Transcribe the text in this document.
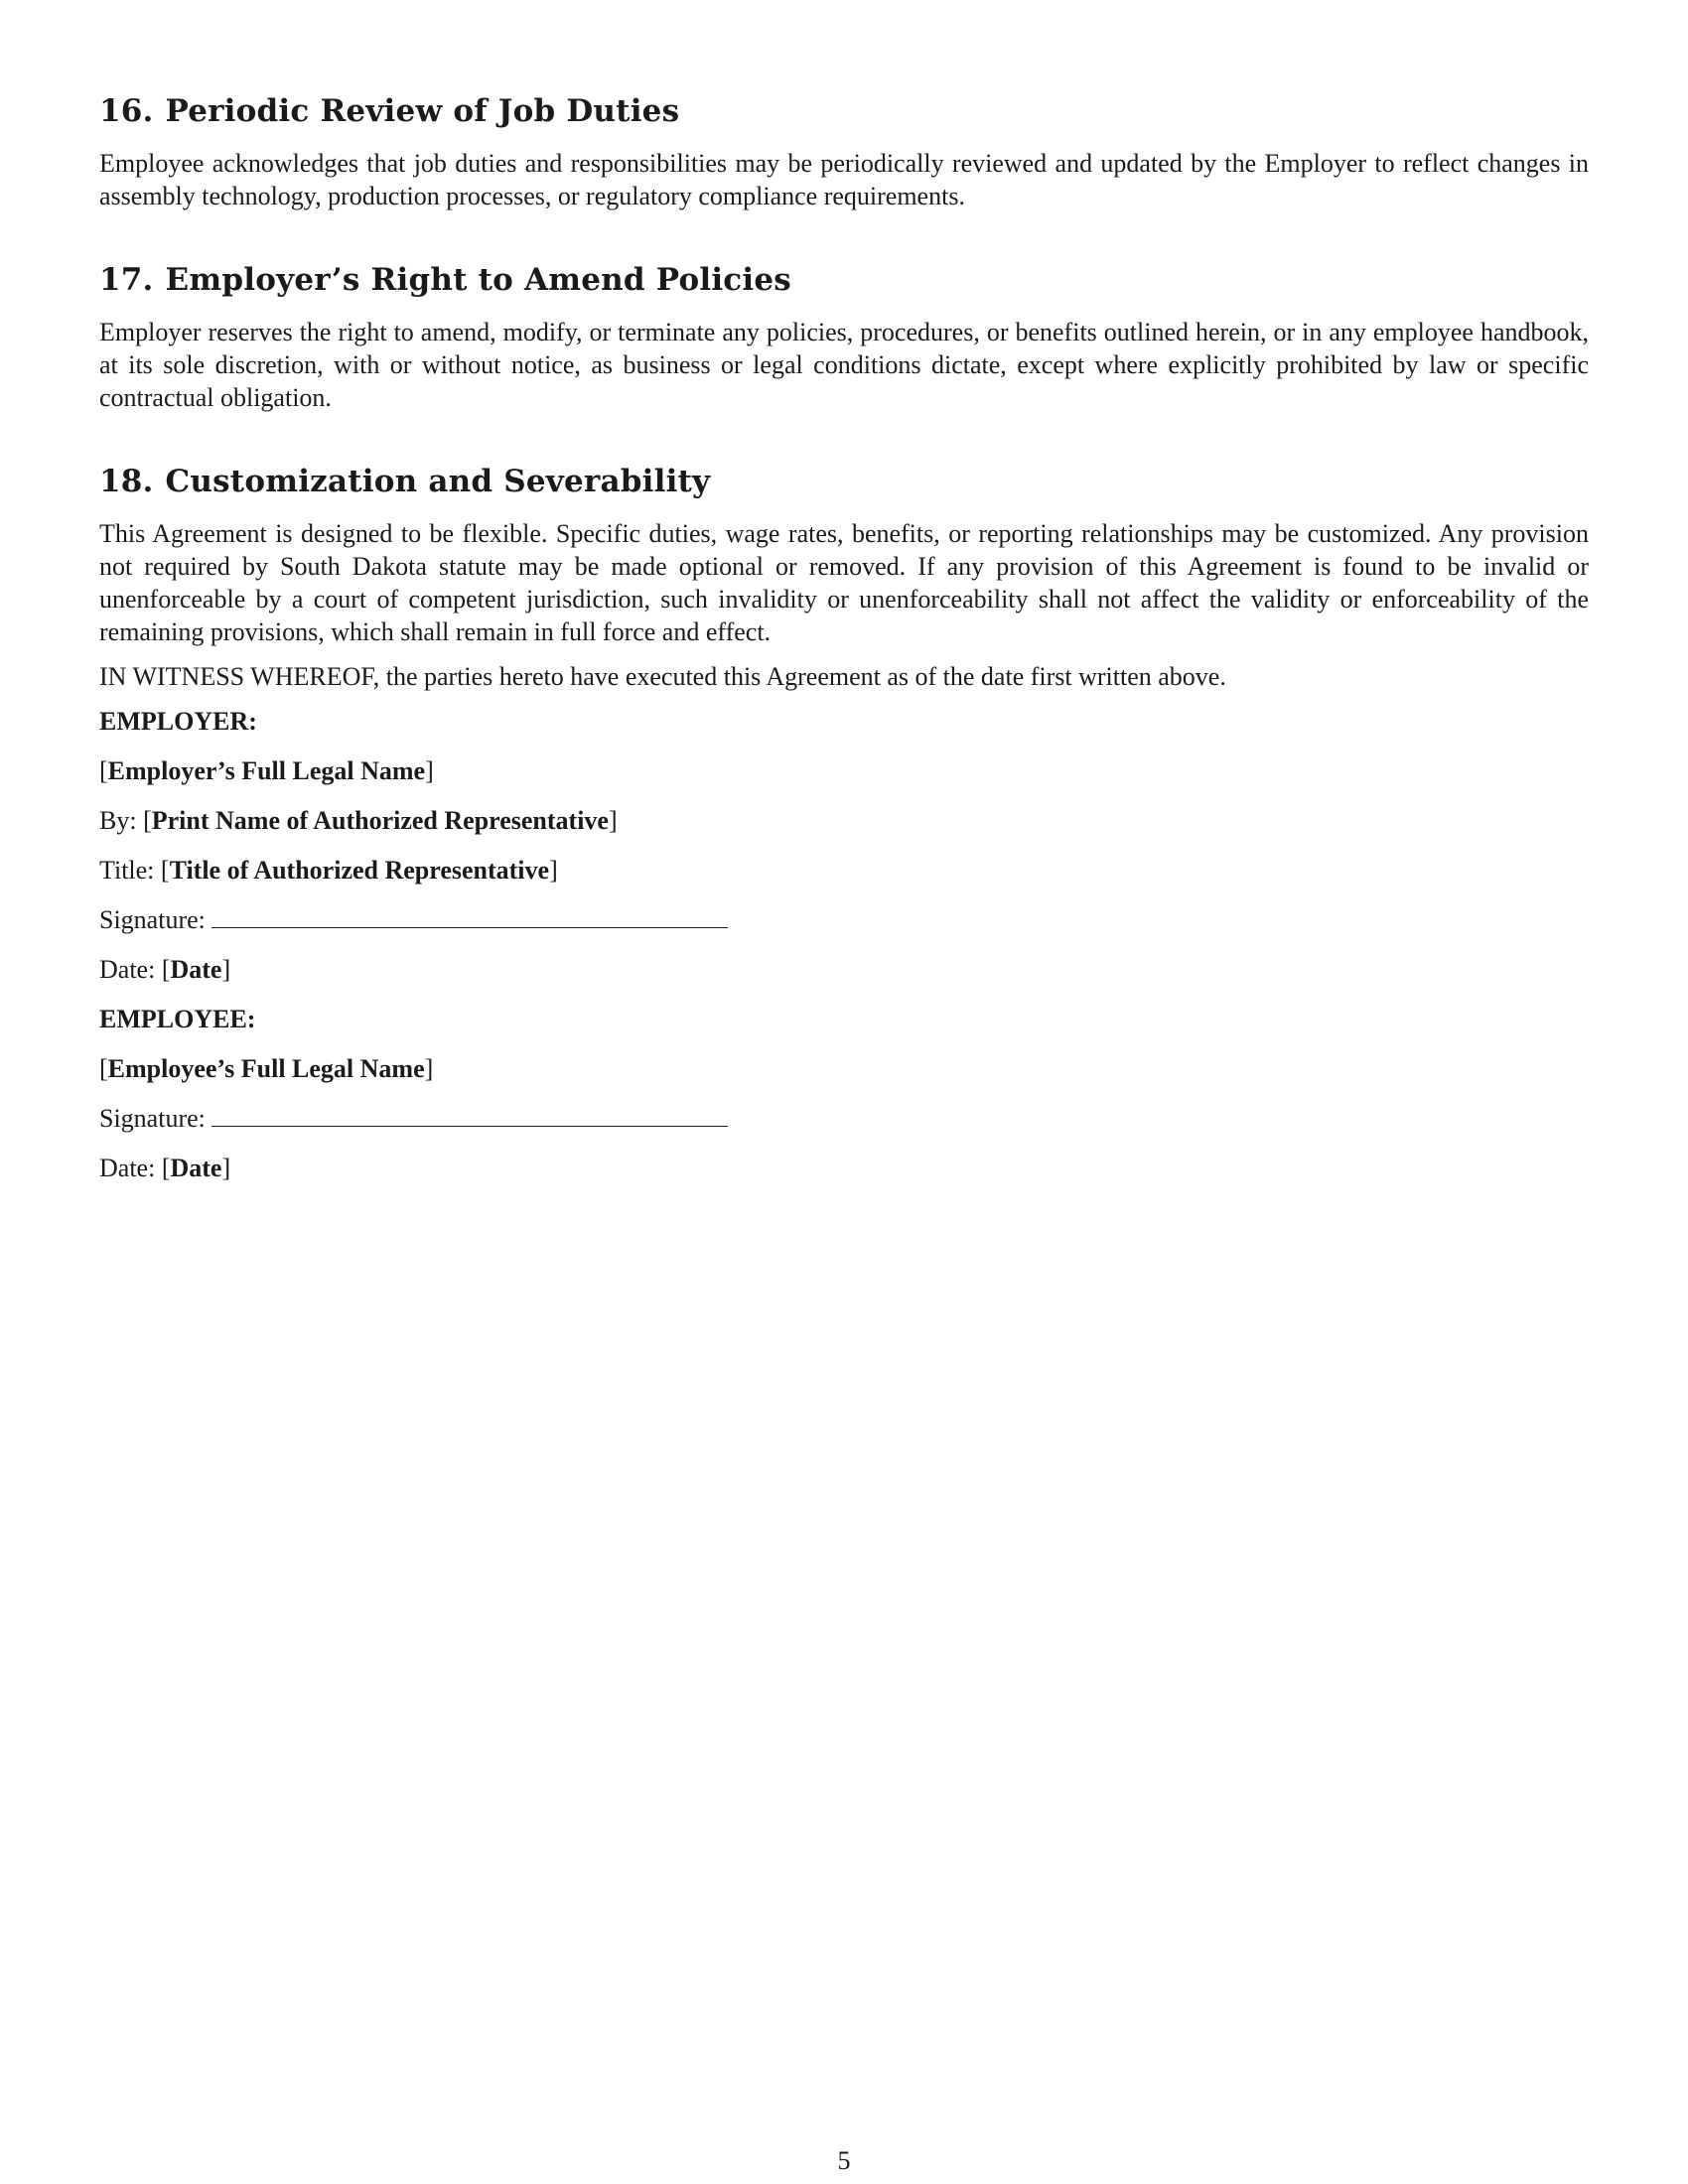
16. Periodic Review of Job Duties

Employee acknowledges that job duties and responsibilities may be periodically reviewed and updated by the Employer to reflect changes in assembly technology, production processes, or regulatory compliance requirements.

17. Employer’s Right to Amend Policies

Employer reserves the right to amend, modify, or terminate any policies, procedures, or benefits outlined herein, or in any employee handbook, at its sole discretion, with or without notice, as business or legal conditions dictate, except where explicitly prohibited by law or specific contractual obligation.

18. Customization and Severability

This Agreement is designed to be flexible. Specific duties, wage rates, benefits, or reporting relationships may be customized. Any provision not required by South Dakota statute may be made optional or removed. If any provision of this Agreement is found to be invalid or unenforceable by a court of competent jurisdiction, such invalidity or unenforceability shall not affect the validity or enforceability of the remaining provisions, which shall remain in full force and effect.

IN WITNESS WHEREOF, the parties hereto have executed this Agreement as of the date first written above.

EMPLOYER:
[Employer’s Full Legal Name]
By: [Print Name of Authorized Representative]
Title: [Title of Authorized Representative]
Signature:
Date: [Date]
EMPLOYEE:
[Employee’s Full Legal Name]
Signature:
Date: [Date]
5
